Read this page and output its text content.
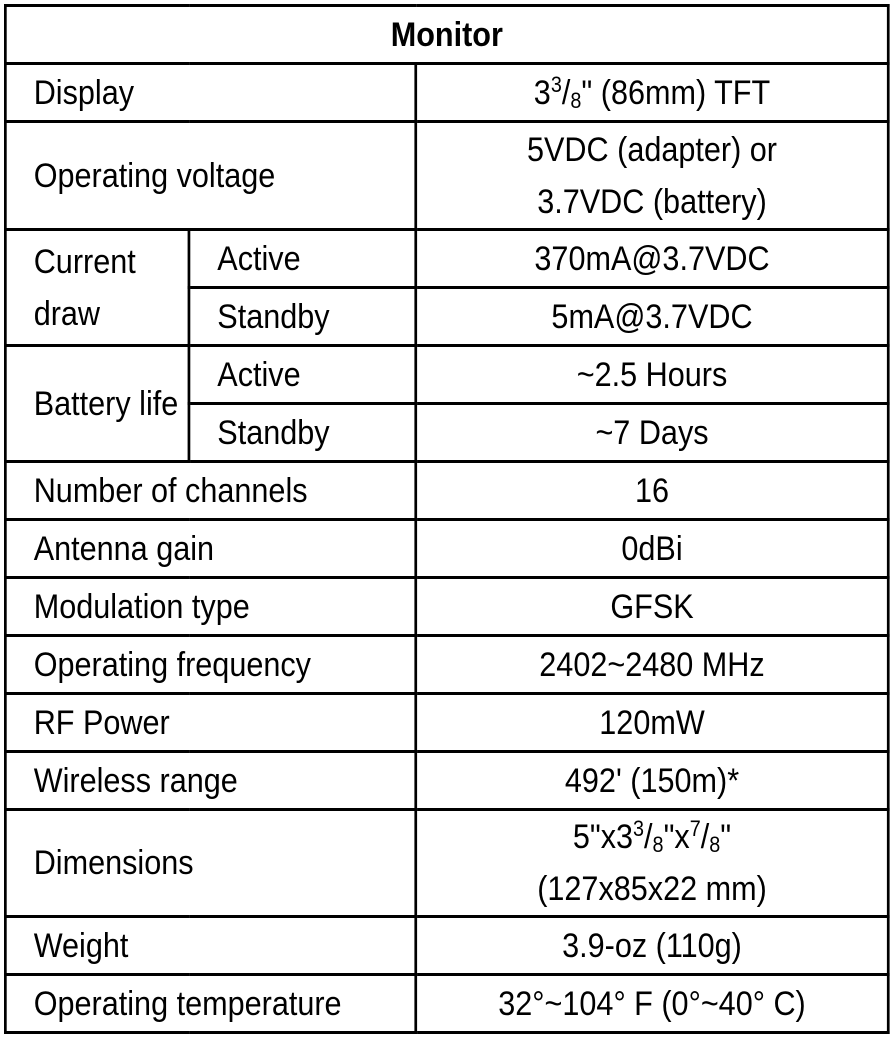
Monitor		
Display		$3^3/_8$" (86mm) TFT
Operating voltage		5VDC (adapter) or
3.7VDC (battery)

Current draw	Active	370mA@3.7VDC
	Standby	5mA@3.7VDC
Battery life	Active	~2.5 Hours
	Standby	~7 Days
Number of channels		16
Antenna gain		0dBi
Modulation type		GFSK
Operating frequency		2402~2480 MHz
RF Power		120mW
Wireless range		492' (150m)*
Dimensions		$5"x3^3/_8"x^7/_8$"
(127x85x22 mm)

Weight		3.9-oz (110g)
Operating temperature		32°~104° F (0°~40° C)
